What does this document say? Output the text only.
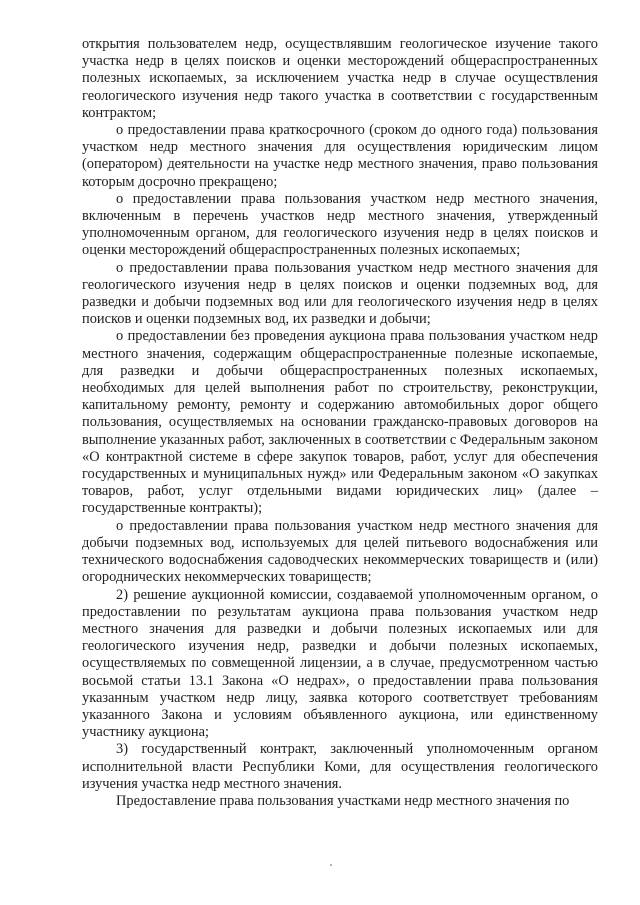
открытия пользователем недр, осуществлявшим геологическое изучение такого участка недр в целях поисков и оценки месторождений общераспространенных полезных ископаемых, за исключением участка недр в случае осуществления геологического изучения недр такого участка в соответствии с государственным контрактом;

о предоставлении права краткосрочного (сроком до одного года) пользования участком недр местного значения для осуществления юридическим лицом (оператором) деятельности на участке недр местного значения, право пользования которым досрочно прекращено;

о предоставлении права пользования участком недр местного значения, включенным в перечень участков недр местного значения, утвержденный уполномоченным органом, для геологического изучения недр в целях поисков и оценки месторождений общераспространенных полезных ископаемых;

о предоставлении права пользования участком недр местного значения для геологического изучения недр в целях поисков и оценки подземных вод, для разведки и добычи подземных вод или для геологического изучения недр в целях поисков и оценки подземных вод, их разведки и добычи;

о предоставлении без проведения аукциона права пользования участком недр местного значения, содержащим общераспространенные полезные ископаемые, для разведки и добычи общераспространенных полезных ископаемых, необходимых для целей выполнения работ по строительству, реконструкции, капитальному ремонту, ремонту и содержанию автомобильных дорог общего пользования, осуществляемых на основании гражданско-правовых договоров на выполнение указанных работ, заключенных в соответствии с Федеральным законом «О контрактной системе в сфере закупок товаров, работ, услуг для обеспечения государственных и муниципальных нужд» или Федеральным законом «О закупках товаров, работ, услуг отдельными видами юридических лиц» (далее – государственные контракты);

о предоставлении права пользования участком недр местного значения для добычи подземных вод, используемых для целей питьевого водоснабжения или технического водоснабжения садоводческих некоммерческих товариществ и (или) огороднических некоммерческих товариществ;

2) решение аукционной комиссии, создаваемой уполномоченным органом, о предоставлении по результатам аукциона права пользования участком недр местного значения для разведки и добычи полезных ископаемых или для геологического изучения недр, разведки и добычи полезных ископаемых, осуществляемых по совмещенной лицензии, а в случае, предусмотренном частью восьмой статьи 13.1 Закона «О недрах», о предоставлении права пользования указанным участком недр лицу, заявка которого соответствует требованиям указанного Закона и условиям объявленного аукциона, или единственному участнику аукциона;

3) государственный контракт, заключенный уполномоченным органом исполнительной власти Республики Коми, для осуществления геологического изучения участка недр местного значения.

Предоставление права пользования участками недр местного значения по
